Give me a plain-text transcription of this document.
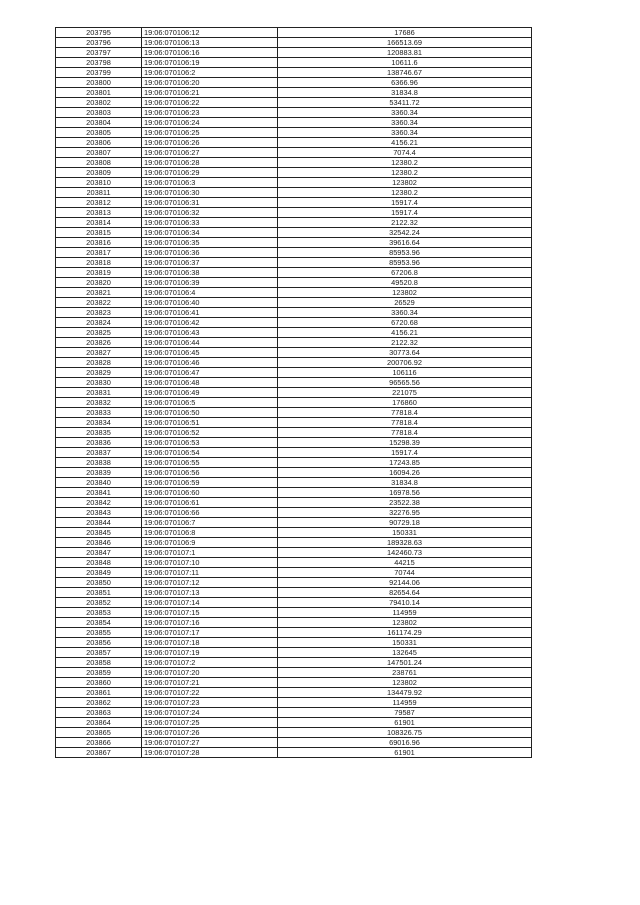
203795	19:06:070106:12	17686
203796	19:06:070106:13	166513.69
203797	19:06:070106:16	120883.81
203798	19:06:070106:19	10611.6
203799	19:06:070106:2	138746.67
203800	19:06:070106:20	6366.96
203801	19:06:070106:21	31834.8
203802	19:06:070106:22	53411.72
203803	19:06:070106:23	3360.34
203804	19:06:070106:24	3360.34
203805	19:06:070106:25	3360.34
203806	19:06:070106:26	4156.21
203807	19:06:070106:27	7074.4
203808	19:06:070106:28	12380.2
203809	19:06:070106:29	12380.2
203810	19:06:070106:3	123802
203811	19:06:070106:30	12380.2
203812	19:06:070106:31	15917.4
203813	19:06:070106:32	15917.4
203814	19:06:070106:33	2122.32
203815	19:06:070106:34	32542.24
203816	19:06:070106:35	39616.64
203817	19:06:070106:36	85953.96
203818	19:06:070106:37	85953.96
203819	19:06:070106:38	67206.8
203820	19:06:070106:39	49520.8
203821	19:06:070106:4	123802
203822	19:06:070106:40	26529
203823	19:06:070106:41	3360.34
203824	19:06:070106:42	6720.68
203825	19:06:070106:43	4156.21
203826	19:06:070106:44	2122.32
203827	19:06:070106:45	30773.64
203828	19:06:070106:46	200706.92
203829	19:06:070106:47	106116
203830	19:06:070106:48	96565.56
203831	19:06:070106:49	221075
203832	19:06:070106:5	176860
203833	19:06:070106:50	77818.4
203834	19:06:070106:51	77818.4
203835	19:06:070106:52	77818.4
203836	19:06:070106:53	15298.39
203837	19:06:070106:54	15917.4
203838	19:06:070106:55	17243.85
203839	19:06:070106:56	16094.26
203840	19:06:070106:59	31834.8
203841	19:06:070106:60	16978.56
203842	19:06:070106:61	23522.38
203843	19:06:070106:66	32276.95
203844	19:06:070106:7	90729.18
203845	19:06:070106:8	150331
203846	19:06:070106:9	189328.63
203847	19:06:070107:1	142460.73
203848	19:06:070107:10	44215
203849	19:06:070107:11	70744
203850	19:06:070107:12	92144.06
203851	19:06:070107:13	82654.64
203852	19:06:070107:14	79410.14
203853	19:06:070107:15	114959
203854	19:06:070107:16	123802
203855	19:06:070107:17	161174.29
203856	19:06:070107:18	150331
203857	19:06:070107:19	132645
203858	19:06:070107:2	147501.24
203859	19:06:070107:20	238761
203860	19:06:070107:21	123802
203861	19:06:070107:22	134479.92
203862	19:06:070107:23	114959
203863	19:06:070107:24	79587
203864	19:06:070107:25	61901
203865	19:06:070107:26	108326.75
203866	19:06:070107:27	69016.96
203867	19:06:070107:28	61901
